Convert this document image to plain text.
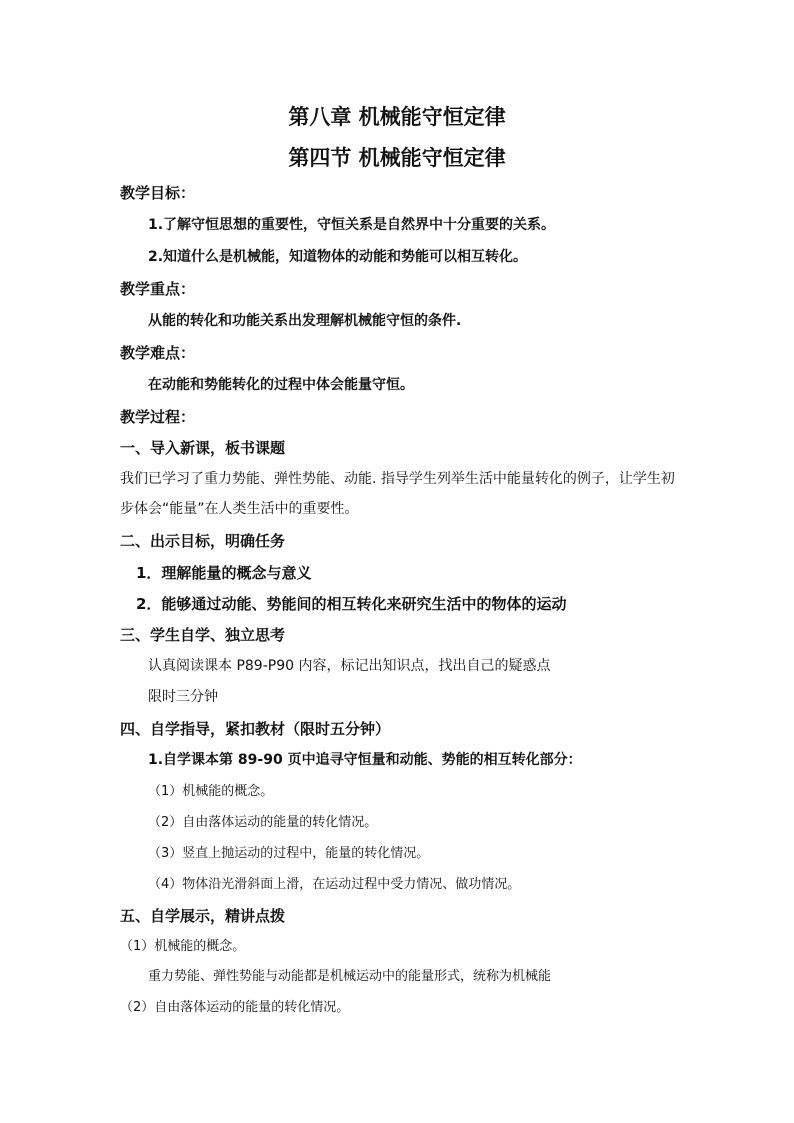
第八章 机械能守恒定律
第四节 机械能守恒定律
教学目标：
1.了解守恒思想的重要性，守恒关系是自然界中十分重要的关系。
2.知道什么是机械能，知道物体的动能和势能可以相互转化。
教学重点：
从能的转化和功能关系出发理解机械能守恒的条件.
教学难点：
在动能和势能转化的过程中体会能量守恒。
教学过程：
一、导入新课，板书课题
我们已学习了重力势能、弹性势能、动能. 指导学生列举生活中能量转化的例子，让学生初
步体会“能量”在人类生活中的重要性。
二、出示目标，明确任务
1．理解能量的概念与意义
2．能够通过动能、势能间的相互转化来研究生活中的物体的运动
三、学生自学、独立思考
认真阅读课本 P89-P90 内容，标记出知识点，找出自己的疑惑点
限时三分钟
四、自学指导，紧扣教材（限时五分钟）
1.自学课本第 89-90 页中追寻守恒量和动能、势能的相互转化部分：
（1）机械能的概念。
（2）自由落体运动的能量的转化情况。
（3）竖直上抛运动的过程中，能量的转化情况。
（4）物体沿光滑斜面上滑，在运动过程中受力情况、做功情况。
五、自学展示，精讲点拨
（1）机械能的概念。
重力势能、弹性势能与动能都是机械运动中的能量形式，统称为机械能
（2）自由落体运动的能量的转化情况。
